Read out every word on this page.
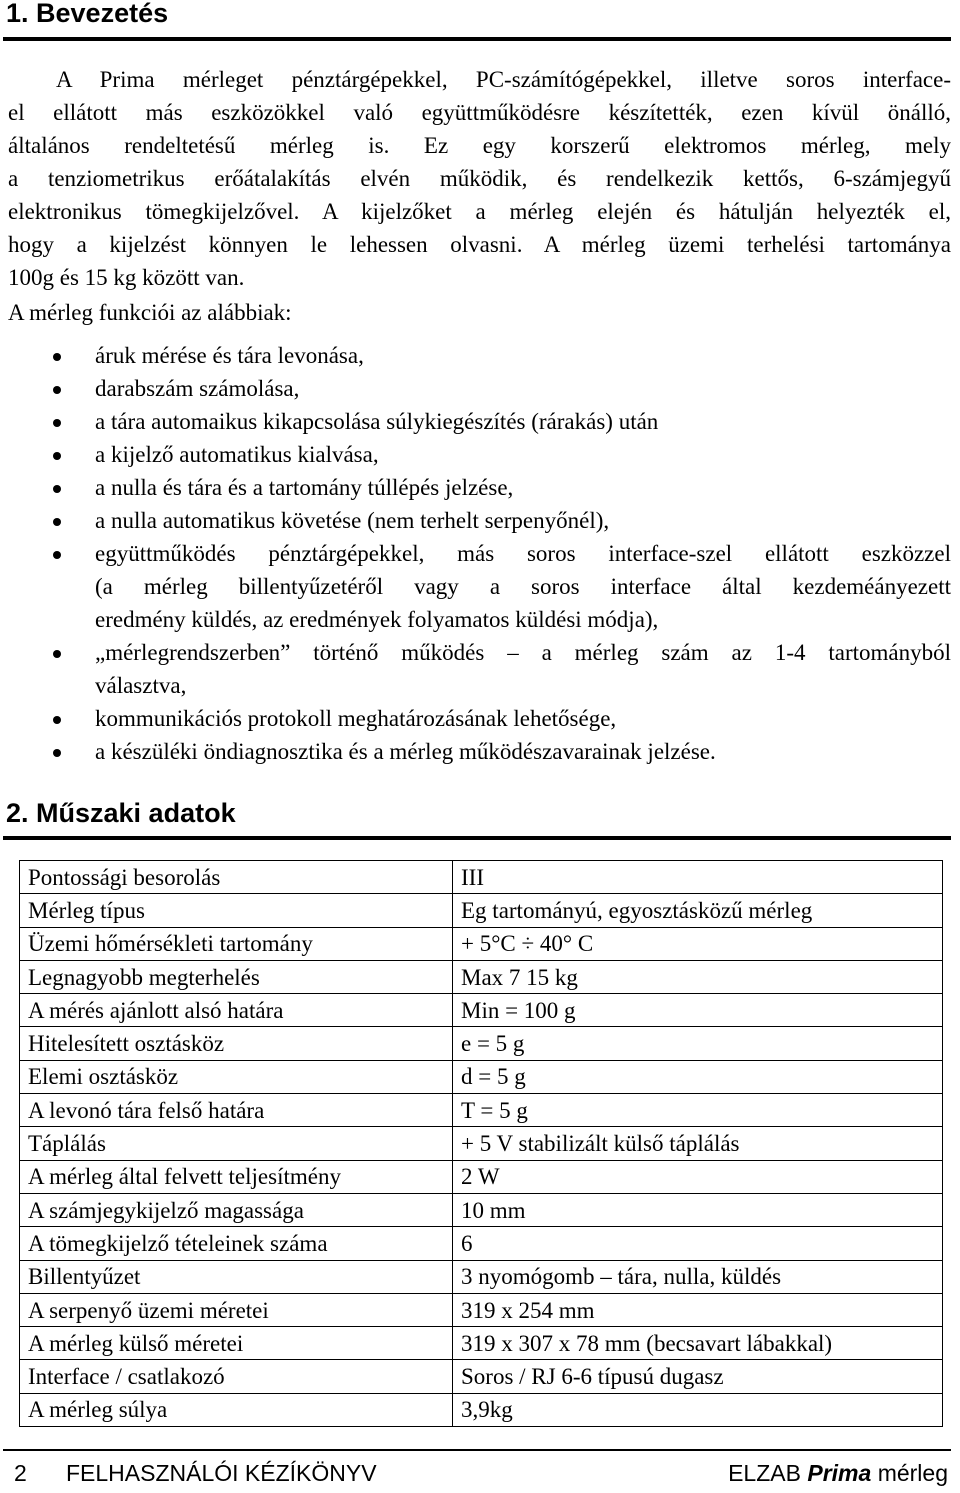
1. Bevezetés
A Prima mérleget pénztárgépekkel, PC-számítógépekkel, illetve soros interface-
el ellátott más eszközökkel való együttműködésre készítették, ezen kívül önálló,
általános rendeltetésű mérleg is. Ez egy korszerű elektromos mérleg, mely
a tenziometrikus erőátalakítás elvén működik, és rendelkezik kettős, 6-számjegyű
elektronikus tömegkijelzővel. A kijelzőket a mérleg elején és hátulján helyezték el,
hogy a kijelzést könnyen le lehessen olvasni. A mérleg üzemi terhelési tartománya
100g és 15 kg között van.
A mérleg funkciói az alábbiak:
áruk mérése és tára levonása,
darabszám számolása,
a tára automaikus kikapcsolása súlykiegészítés (rárakás) után
a kijelző automatikus kialvása,
a nulla és tára és a tartomány túllépés jelzése,
a nulla automatikus követése (nem terhelt serpenyőnél),
együttműködés pénztárgépekkel, más soros interface-szel ellátott eszközzel
(a mérleg billentyűzetéről vagy a soros interface által kezdeméányezett
eredmény küldés, az eredmények folyamatos küldési módja),
„mérlegrendszerben” történő működés – a mérleg szám az 1-4 tartományból
választva,
kommunikációs protokoll meghatározásának lehetősége,
a készüléki öndiagnosztika és a mérleg működészavarainak jelzése.
2. Műszaki adatok
Pontossági besorolás	III
Mérleg típus	Eg tartományú, egyosztásközű mérleg
Üzemi hőmérsékleti tartomány	+ 5°C ÷ 40° C
Legnagyobb megterhelés	Max 7 15 kg
A mérés ajánlott alsó határa	Min = 100 g
Hitelesített osztásköz	e = 5 g
Elemi osztásköz	d = 5 g
A levonó tára felső határa	T = 5 g
Táplálás	+ 5 V stabilizált külső táplálás
A mérleg által felvett teljesítmény	2 W
A számjegykijelző magassága	10 mm
A tömegkijelző tételeinek száma	6
Billentyűzet	3 nyomógomb – tára, nulla, küldés
A serpenyő üzemi méretei	319 x 254 mm
A mérleg külső méretei	319 x 307 x 78 mm (becsavart lábakkal)
Interface / csatlakozó	Soros / RJ 6-6 típusú dugasz
A mérleg súlya	3,9kg
2 FELHASZNÁLÓI KÉZÍKÖNYV	ELZAB Prima mérleg
